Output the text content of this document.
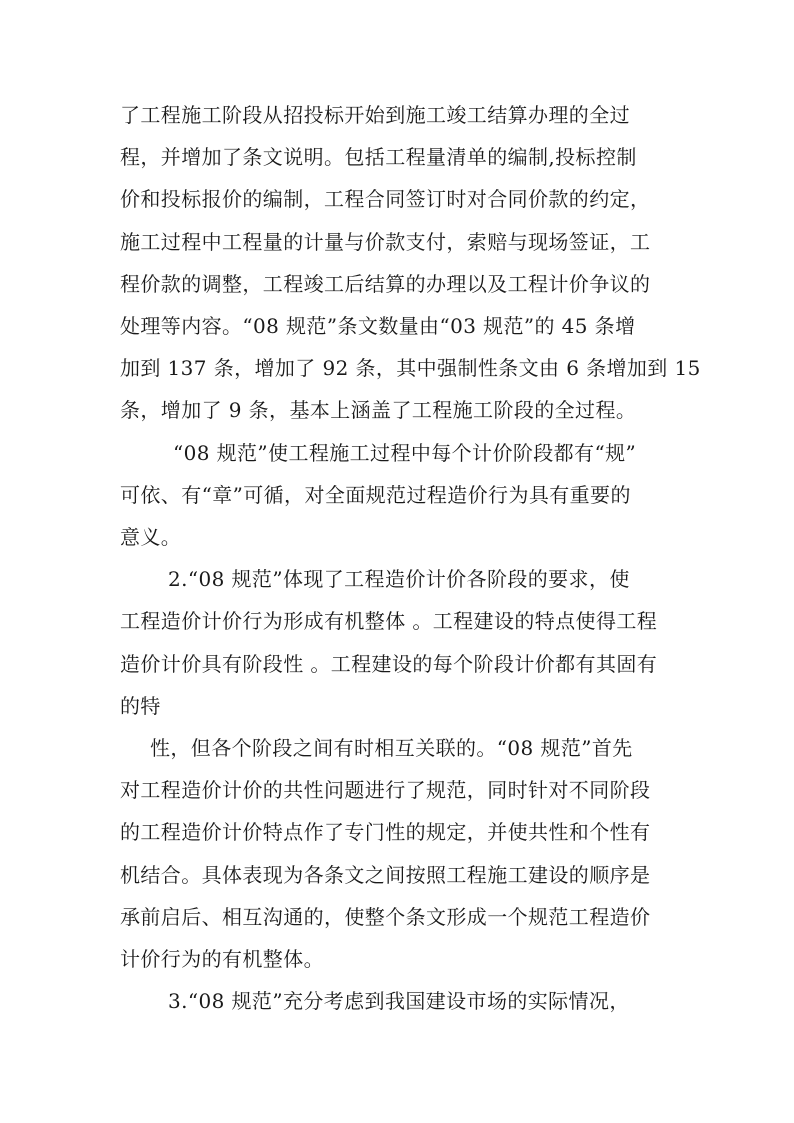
了工程施工阶段从招投标开始到施工竣工结算办理的全过
程，并增加了条文说明。包括工程量清单的编制,投标控制
价和投标报价的编制，工程合同签订时对合同价款的约定，
施工过程中工程量的计量与价款支付，索赔与现场签证，工
程价款的调整，工程竣工后结算的办理以及工程计价争议的
处理等内容。“08 规范”条文数量由“03 规范”的 45 条增
加到 137 条，增加了 92 条，其中强制性条文由 6 条增加到 15
条，增加了 9 条，基本上涵盖了工程施工阶段的全过程。
“08 规范”使工程施工过程中每个计价阶段都有“规”
可依、有“章”可循，对全面规范过程造价行为具有重要的
意义。
2.“08 规范”体现了工程造价计价各阶段的要求，使
工程造价计价行为形成有机整体 。工程建设的特点使得工程
造价计价具有阶段性 。工程建设的每个阶段计价都有其固有
的特
性，但各个阶段之间有时相互关联的。“08 规范”首先
对工程造价计价的共性问题进行了规范，同时针对不同阶段
的工程造价计价特点作了专门性的规定，并使共性和个性有
机结合。具体表现为各条文之间按照工程施工建设的顺序是
承前启后、相互沟通的，使整个条文形成一个规范工程造价
计价行为的有机整体。
3.“08 规范”充分考虑到我国建设市场的实际情况，
